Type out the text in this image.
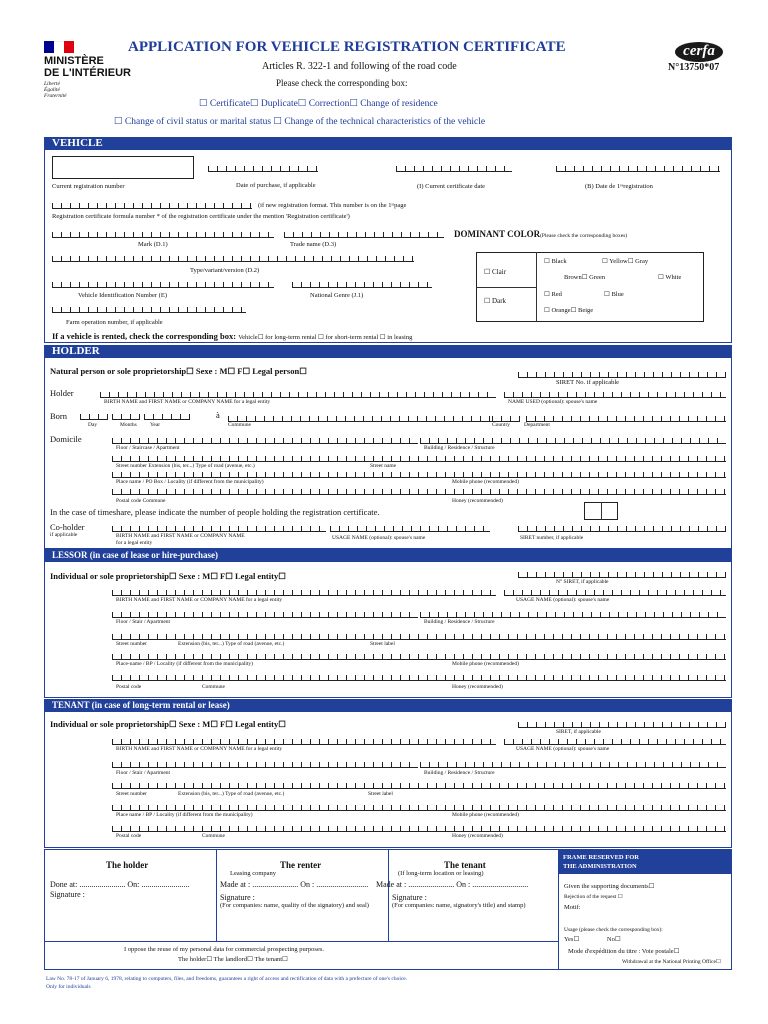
MINISTÈRE
DE L'INTÉRIEUR
Liberté
Égalité
Fraternité
APPLICATION FOR VEHICLE REGISTRATION CERTIFICATE
Articles R. 322-1 and following of the road code
Please check the corresponding box:
cerfa
N°13750*07
☐ Certificate☐ Duplicate☐ Correction☐ Change of residence
☐ Change of civil status or marital status ☐ Change of the technical characteristics of the vehicle
VEHICLE
Current registration number	Date of purchase, if applicable	(I) Current certificate date	(B) Date de 1ʳᵉregistration
(if new registration format. This number is on the 1ˢᵗpage
Registration certificate formula number * of the registration certificate under the mention 'Registration certificate')
Mark (D.1)	Trade name (D.3)
DOMINANT COLOR(Please check the corresponding boxes)
Type/variant/version (D.2)
Vehicle Identification Number (E)	National Genre (J.1)
Farm operation number, if applicable
☐ Clair
☐ Dark
☐ Black	☐ Yellow☐ Gray
Brown☐ Green	☐ White
☐ Red	☐ Blue
☐ Orange☐ Beige
If a vehicle is rented, check the corresponding box: Vehicle☐ for long-term rental ☐ for short-term rental ☐ in leasing
HOLDER
Natural person or sole proprietorship☐ Sexe : M☐ F☐ Legal person☐
SIRET No. if applicable
Holder
BIRTH NAME and FIRST NAME or COMPANY NAME for a legal entity	NAME USED (optional): spouse's name
Born	à
Day	Months Year	Commune	Country	Department
Domicile
Floor / Staircase / Apartment	Building / Residence / Structure
Street number Extension (bis, ter...) Type of road (avenue, etc.)	Street name
Place name / PO Box / Locality (if different from the municipality)	Mobile phone (recommended)
Postal code Commune	Honey (recommended)
In the case of timeshare, please indicate the number of people holding the registration certificate.
Co-holder
if applicable	BIRTH NAME and FIRST NAME or COMPANY NAME
for a legal entity
USAGE NAME (optional): spouse's name	SIRET number, if applicable
LESSOR (in case of lease or hire-purchase)
Individual or sole proprietorship☐ Sexe : M☐ F☐ Legal entity☐
N° SIRET, if applicable
BIRTH NAME and FIRST NAME or COMPANY NAME for a legal entity	USAGE NAME (optional): spouse's name
Floor / Stair / Apartment	Building / Residence / Structure
Street number	Extension (bis, ter...) Type of road (avenue, etc.)	Street label
Place-name / BP / Locality (if different from the municipality)	Mobile phone (recommended)
Postal code	Commune	Honey (recommended)
TENANT (in case of long-term rental or lease)
Individual or sole proprietorship☐ Sexe : M☐ F☐ Legal entity☐
SIRET, if applicable
BIRTH NAME and FIRST NAME or COMPANY NAME for a legal entity	USAGE NAME (optional): spouse's name
Floor / Stair / Apartment	Building / Residence / Structure
Street number	Extension (bis, ter...) Type of road (avenue, etc.)	Street label
Place name / BP / Locality (if different from the municipality)	Mobile phone (recommended)
Postal code	Commune	Honey (recommended)
The holder
Done at: ....................... On: ........................
Signature :
The renter
Leasing company
Made at : ....................... On : ..........................
Signature :
(For companies: name, quality of the signatory) and seal)
The tenant
(If long-term location or leasing)
Made at : ....................... On : ............................
Signature :
(For companies: name, signatory's title) and stamp)
I oppose the reuse of my personal data for commercial prospecting purposes.
The holder☐ The landlord☐ The tenant☐
FRAME RESERVED FOR
THE ADMINISTRATION
Given the supporting documents☐
Rejection of the request ☐
Motif:
Usage (please check the corresponding box):
Yes☐ No☐
Mode d'expédition du titre : Voie postale☐
Withdrawal at the National Printing Office☐
Law No. 78-17 of January 6, 1978, relating to computers, files, and freedoms, guarantees a right of access and rectification of data with a prefecture of one's choice.
Only for individuals
